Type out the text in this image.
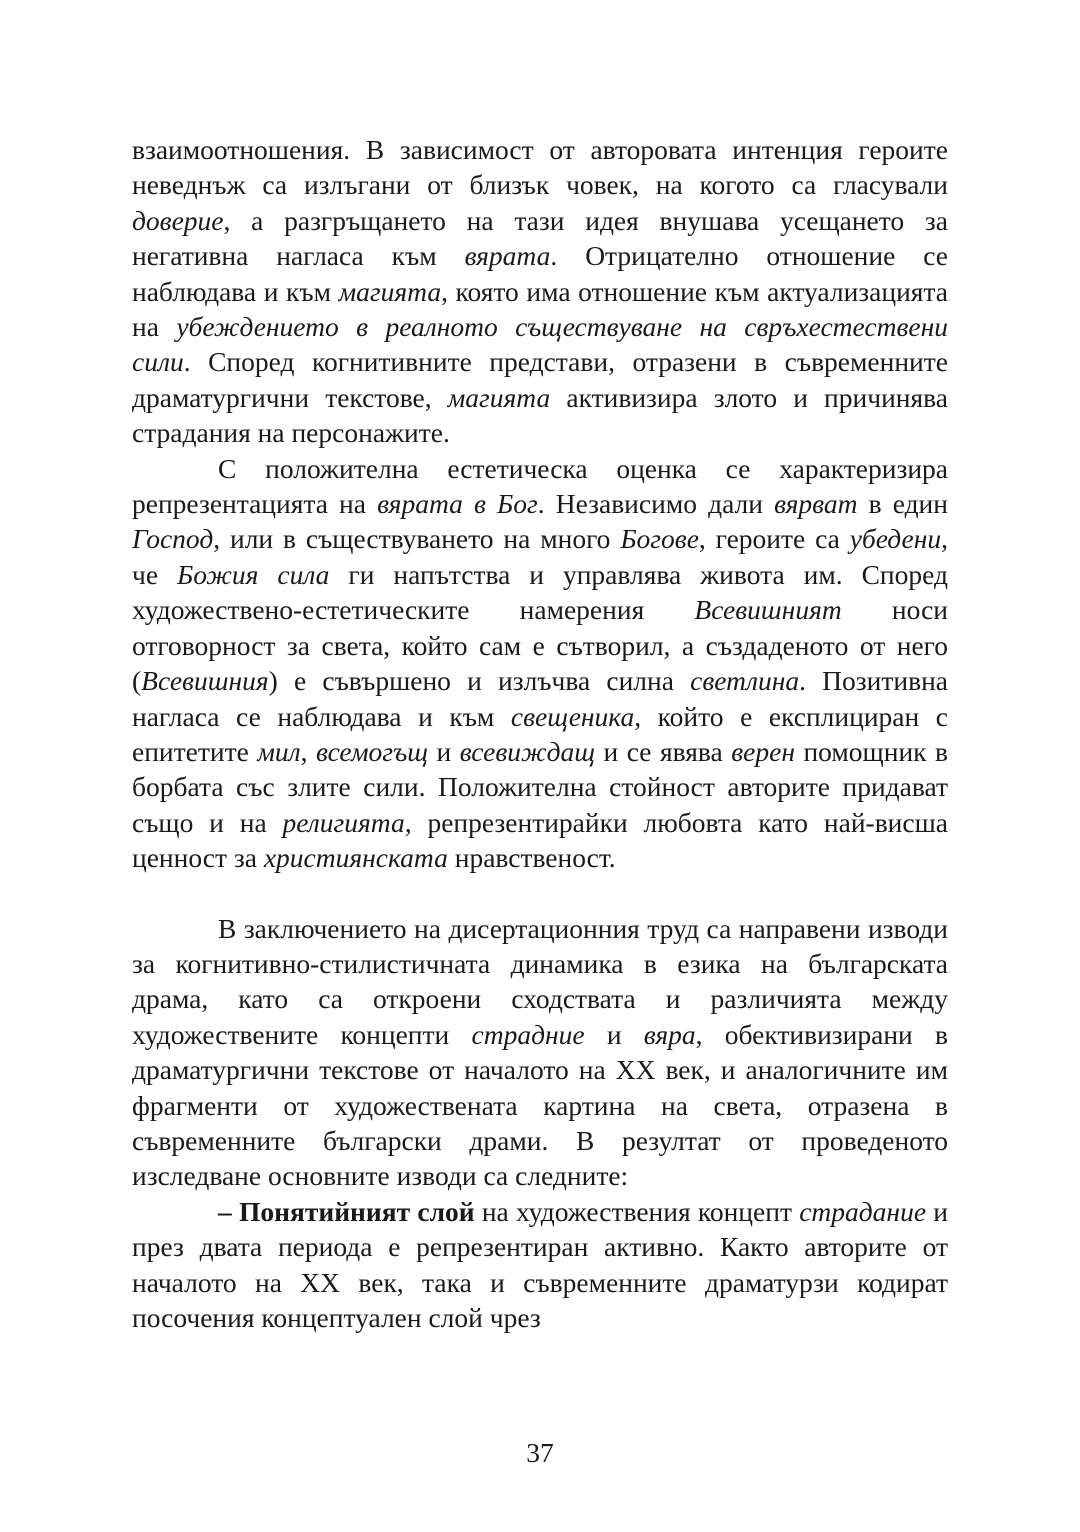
взаимоотношения. В зависимост от авторовата интенция героите неведнъж са излъгани от близък човек, на когото са гласували доверие, а разгръщането на тази идея внушава усещането за негативна нагласа към вярата. Отрицателно отношение се наблюдава и към магията, която има отношение към актуализацията на убеждението в реалното съществуване на свръхестествени сили. Според когнитивните представи, отразени в съвременните драматургични текстове, магията активизира злото и причинява страдания на персонажите.

С положителна естетическа оценка се характеризира репрезентацията на вярата в Бог. Независимо дали вярват в един Господ, или в съществуването на много Богове, героите са убедени, че Божия сила ги напътства и управлява живота им. Според художествено-естетическите намерения Всевишният носи отговорност за света, който сам е сътворил, а създаденото от него (Всевишния) е съвършено и излъчва силна светлина. Позитивна нагласа се наблюдава и към свещеника, който е експлициран с епитетите мил, всемогъщ и всевиждащ и се явява верен помощник в борбата със злите сили. Положителна стойност авторите придават също и на религията, репрезентирайки любовта като най-висша ценност за християнската нравственост.

В заключението на дисертационния труд са направени изводи за когнитивно-стилистичната динамика в езика на българската драма, като са откроени сходствата и различията между художествените концепти страдние и вяра, обективизирани в драматургични текстове от началото на ХХ век, и аналогичните им фрагменти от художествената картина на света, отразена в съвременните български драми. В резултат от проведеното изследване основните изводи са следните:

– Понятийният слой на художествения концепт страдание и през двата периода е репрезентиран активно. Както авторите от началото на ХХ век, така и съвременните драматурзи кодират посочения концептуален слой чрез

37
